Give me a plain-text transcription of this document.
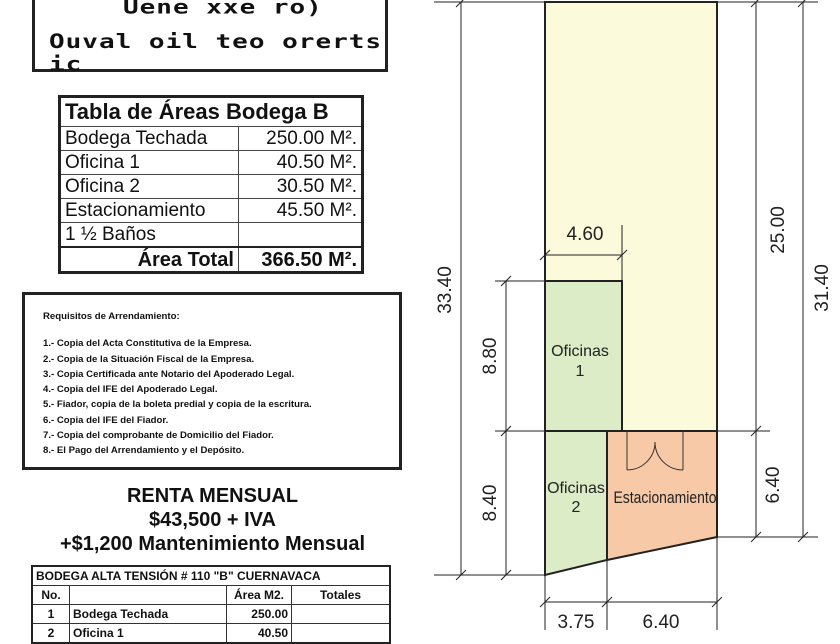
Uene xxe ro)
Ouval oil teo orerts ic
Tabla de Áreas Bodega B	
Bodega Techada	250.00 M².
Oficina 1	40.50 M².
Oficina 2	30.50 M².
Estacionamiento	45.50 M².
1 ½ Baños	
Área Total	366.50 M².
Requisitos de Arrendamiento:
1.- Copia del Acta Constitutiva de la Empresa.
2.- Copia de la Situación Fiscal de la Empresa.
3.- Copia Certificada ante Notario del Apoderado Legal.
4.- Copia del IFE del Apoderado Legal.
5.- Fiador, copia de la boleta predial y copia de la escritura.
6.- Copia del IFE del Fiador.
7.- Copia del comprobante de Domicilio del Fiador.
8.- El Pago del Arrendamiento y el Depósito.
RENTA MENSUAL
$43,500 + IVA
+$1,200 Mantenimiento Mensual
BODEGA ALTA TENSIÓN # 110 "B" CUERNAVACA			
No.		Área M2.	Totales
1	Bodega Techada	250.00	
2	Oficina 1	40.50	
Oficinas
1
Oficinas
2
Estacionamiento
33.40
8.80
8.40
25.00
6.40
31.40
4.60
3.75	6.40
